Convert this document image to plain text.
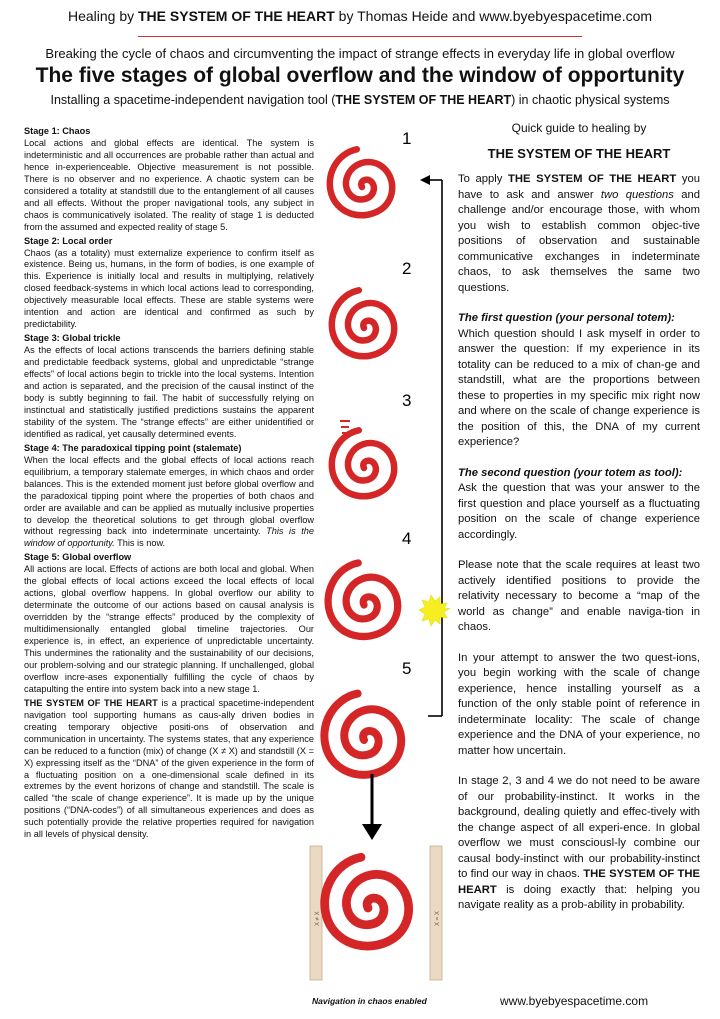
Healing by THE SYSTEM OF THE HEART by Thomas Heide and www.byebyespacetime.com
Breaking the cycle of chaos and circumventing the impact of strange effects in everyday life in global overflow
The five stages of global overflow and the window of opportunity
Installing a spacetime-independent navigation tool (THE SYSTEM OF THE HEART) in chaotic physical systems
Stage 1: Chaos
Local actions and global effects are identical. The system is indeterministic and all occurrences are probable rather than actual and hence in-experienceable. Objective measurement is not possible. There is no observer and no experience. A chaotic system can be considered a totality at standstill due to the entanglement of all causes and all effects. Without the proper navigational tools, any subject in chaos is communicatively isolated. The reality of stage 1 is deducted from the assumed and expected reality of stage 5.
Stage 2: Local order
Chaos (as a totality) must externalize experience to confirm itself as existence. Being us, humans, in the form of bodies, is one example of this. Experience is initially local and results in multiplying, relatively closed feedback-systems in which local actions lead to corresponding, objectively measurable local effects. These are stable systems were intention and action are identical and confirmed as such by predictability.
Stage 3: Global trickle
As the effects of local actions transcends the barriers defining stable and predictable feedback systems, global and unpredictable “strange effects” of local actions begin to trickle into the local systems. Intention and action is separated, and the precision of the causal instinct of the body is subtly beginning to fail. The habit of successfully relying on instinctual and statistically justified predictions sustains the apparent stability of the system. The “strange effects” are either unidentified or identified as radical, yet causally determined events.
Stage 4: The paradoxical tipping point (stalemate)
When the local effects and the global effects of local actions reach equilibrium, a temporary stalemate emerges, in which chaos and order balances. This is the extended moment just before global overflow and the paradoxical tipping point where the properties of both chaos and order are available and can be applied as mutually inclusive properties to develop the theoretical solutions to get through global overflow without regressing back into indeterminate uncertainty. This is the window of opportunity. This is now.
Stage 5: Global overflow
All actions are local. Effects of actions are both local and global. When the global effects of local actions exceed the local effects of local actions, global overflow happens. In global overflow our ability to determinate the outcome of our actions based on causal analysis is overridden by the “strange effects” produced by the complexity of multidimensionally entangled global timeline trajectories. Our experience is, in effect, an experience of unpredictable uncertainty. This undermines the rationality and the sustainability of our decisions, our problem-solving and our strategic planning. If unchallenged, global overflow incre-ases exponentially fulfilling the cycle of chaos by catapulting the entire into system back into a new stage 1.
THE SYSTEM OF THE HEART is a practical spacetime-independent navigation tool supporting humans as caus-ally driven bodies in creating temporary objective positi-ons of observation and communication in uncertainty. The systems states, that any experience can be reduced to a function (mix) of change (X ≠ X) and standstill (X = X) expressing itself as the “DNA” of the given experience in the form of a fluctuating position on a one-dimensional scale defined in its extremes by the event horizons of change and standstill. The scale is called “the scale of change experience”. It is made up by the unique positions (“DNA-codes”) of all simultaneous experiences and does as such potentially provide the relative properties required for navigation in all levels of physical density.
1
2
3
4
5
X ≠ X	X = X
Quick guide to healing by
THE SYSTEM OF THE HEART

To apply THE SYSTEM OF THE HEART you have to ask and answer two questions and challenge and/or encourage those, with whom you wish to establish common objec-tive positions of observation and sustainable communicative exchanges in indeterminate chaos, to ask themselves the same two questions.

The first question (your personal totem):
Which question should I ask myself in order to answer the question: If my experience in its totality can be reduced to a mix of chan-ge and standstill, what are the proportions between these to properties in my specific mix right now and where on the scale of change experience is the position of this, the DNA of my current experience?

The second question (your totem as tool):
Ask the question that was your answer to the first question and place yourself as a fluctuating position on the scale of change experience accordingly.

Please note that the scale requires at least two actively identified positions to provide the relativity necessary to become a “map of the world as change” and enable naviga-tion in chaos.

In your attempt to answer the two quest-ions, you begin working with the scale of change experience, hence installing yourself as a function of the only stable point of reference in indeterminate locality: The scale of change experience and the DNA of your experience, no matter how uncertain.

In stage 2, 3 and 4 we do not need to be aware of our probability-instinct. It works in the background, dealing quietly and effec-tively with the change aspect of all experi-ence. In global overflow we must consciousl-ly combine our causal body-instinct with our probability-instinct to find our way in chaos. THE SYSTEM OF THE HEART is doing exactly that: helping you navigate reality as a prob-ability in probability.

Navigation in chaos enabled	www.byebyespacetime.com
